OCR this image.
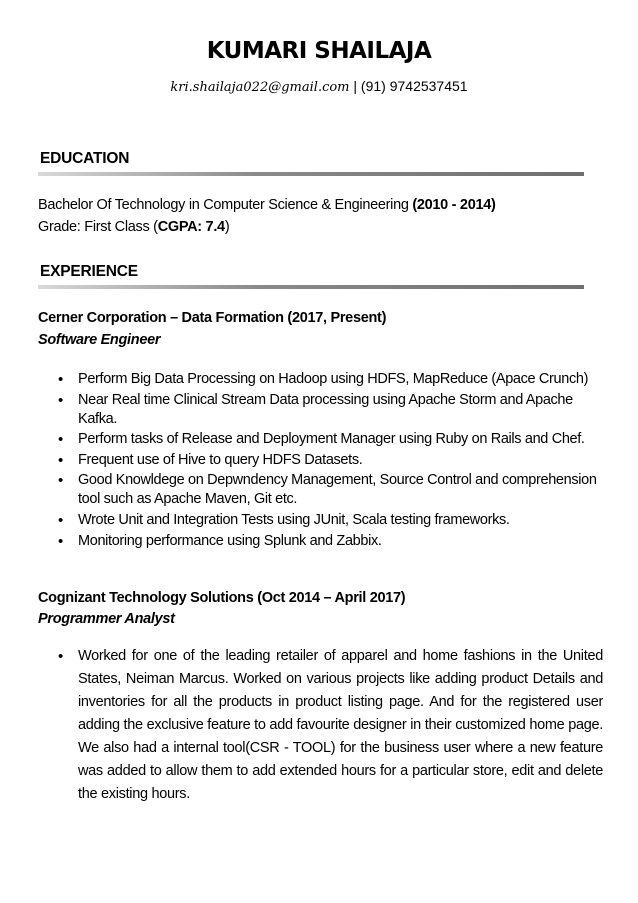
KUMARI SHAILAJA
kri.shailaja022@gmail.com | (91) 9742537451
EDUCATION
Bachelor Of Technology in Computer Science & Engineering (2010 - 2014)
Grade: First Class (CGPA: 7.4)
EXPERIENCE
Cerner Corporation – Data Formation (2017, Present)
Software Engineer
• Perform Big Data Processing on Hadoop using HDFS, MapReduce (Apace Crunch)
• Near Real time Clinical Stream Data processing using Apache Storm and Apache Kafka.
• Perform tasks of Release and Deployment Manager using Ruby on Rails and Chef.
• Frequent use of Hive to query HDFS Datasets.
• Good Knowldege on Depwndency Management, Source Control and comprehension tool such as Apache Maven, Git etc.
• Wrote Unit and Integration Tests using JUnit, Scala testing frameworks.
• Monitoring performance using Splunk and Zabbix.
Cognizant Technology Solutions (Oct 2014 – April 2017)
Programmer Analyst
• Worked for one of the leading retailer of apparel and home fashions in the United States, Neiman Marcus. Worked on various projects like adding product Details and inventories for all the products in product listing page. And for the registered user adding the exclusive feature to add favourite designer in their customized home page. We also had a internal tool(CSR - TOOL) for the business user where a new feature was added to allow them to add extended hours for a particular store, edit and delete the existing hours.
